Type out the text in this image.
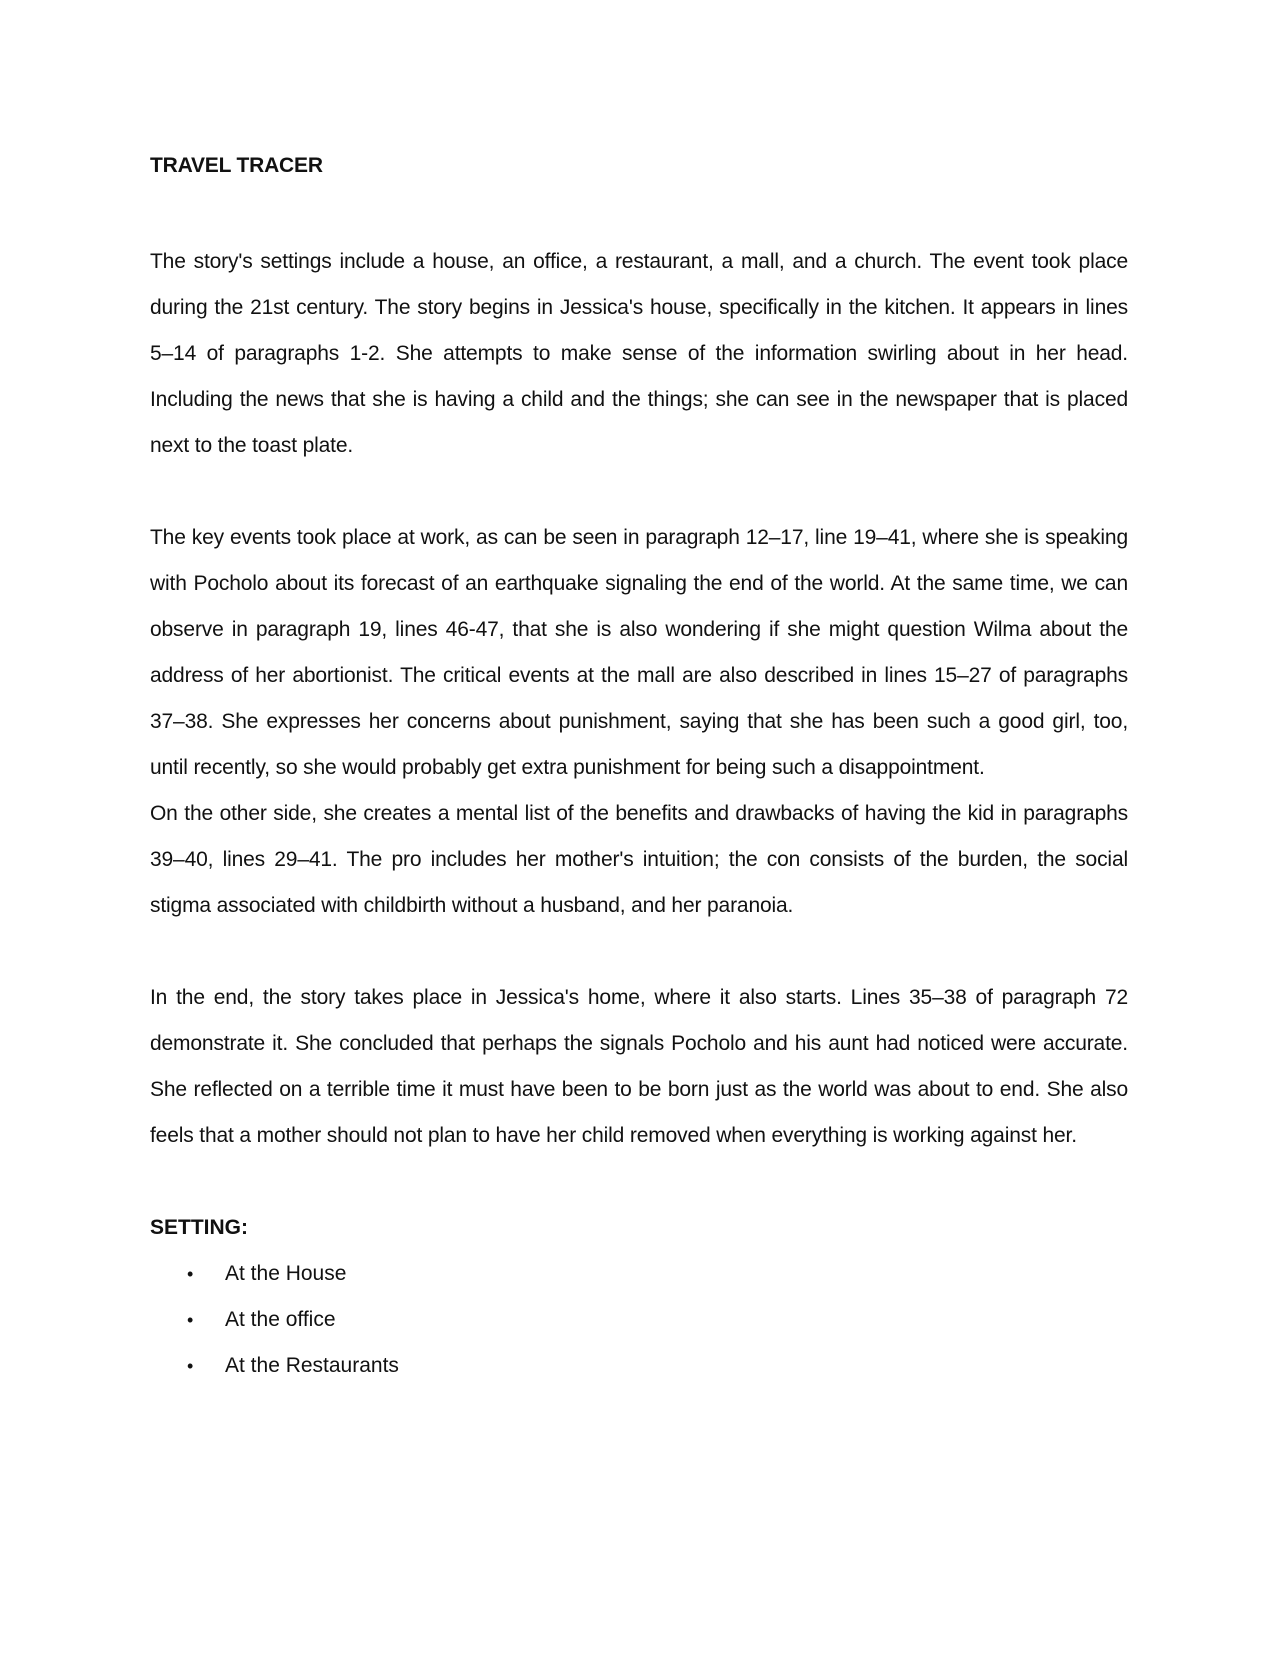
TRAVEL TRACER

The story's settings include a house, an office, a restaurant, a mall, and a church. The event took place during the 21st century. The story begins in Jessica's house, specifically in the kitchen. It appears in lines 5–14 of paragraphs 1-2. She attempts to make sense of the information swirling about in her head. Including the news that she is having a child and the things; she can see in the newspaper that is placed next to the toast plate.

The key events took place at work, as can be seen in paragraph 12–17, line 19–41, where she is speaking with Pocholo about its forecast of an earthquake signaling the end of the world. At the same time, we can observe in paragraph 19, lines 46-47, that she is also wondering if she might question Wilma about the address of her abortionist. The critical events at the mall are also described in lines 15–27 of paragraphs 37–38. She expresses her concerns about punishment, saying that she has been such a good girl, too, until recently, so she would probably get extra punishment for being such a disappointment.

On the other side, she creates a mental list of the benefits and drawbacks of having the kid in paragraphs 39–40, lines 29–41. The pro includes her mother's intuition; the con consists of the burden, the social stigma associated with childbirth without a husband, and her paranoia.

In the end, the story takes place in Jessica's home, where it also starts. Lines 35–38 of paragraph 72 demonstrate it. She concluded that perhaps the signals Pocholo and his aunt had noticed were accurate. She reflected on a terrible time it must have been to be born just as the world was about to end. She also feels that a mother should not plan to have her child removed when everything is working against her.

SETTING:
• At the House
• At the office
• At the Restaurants
